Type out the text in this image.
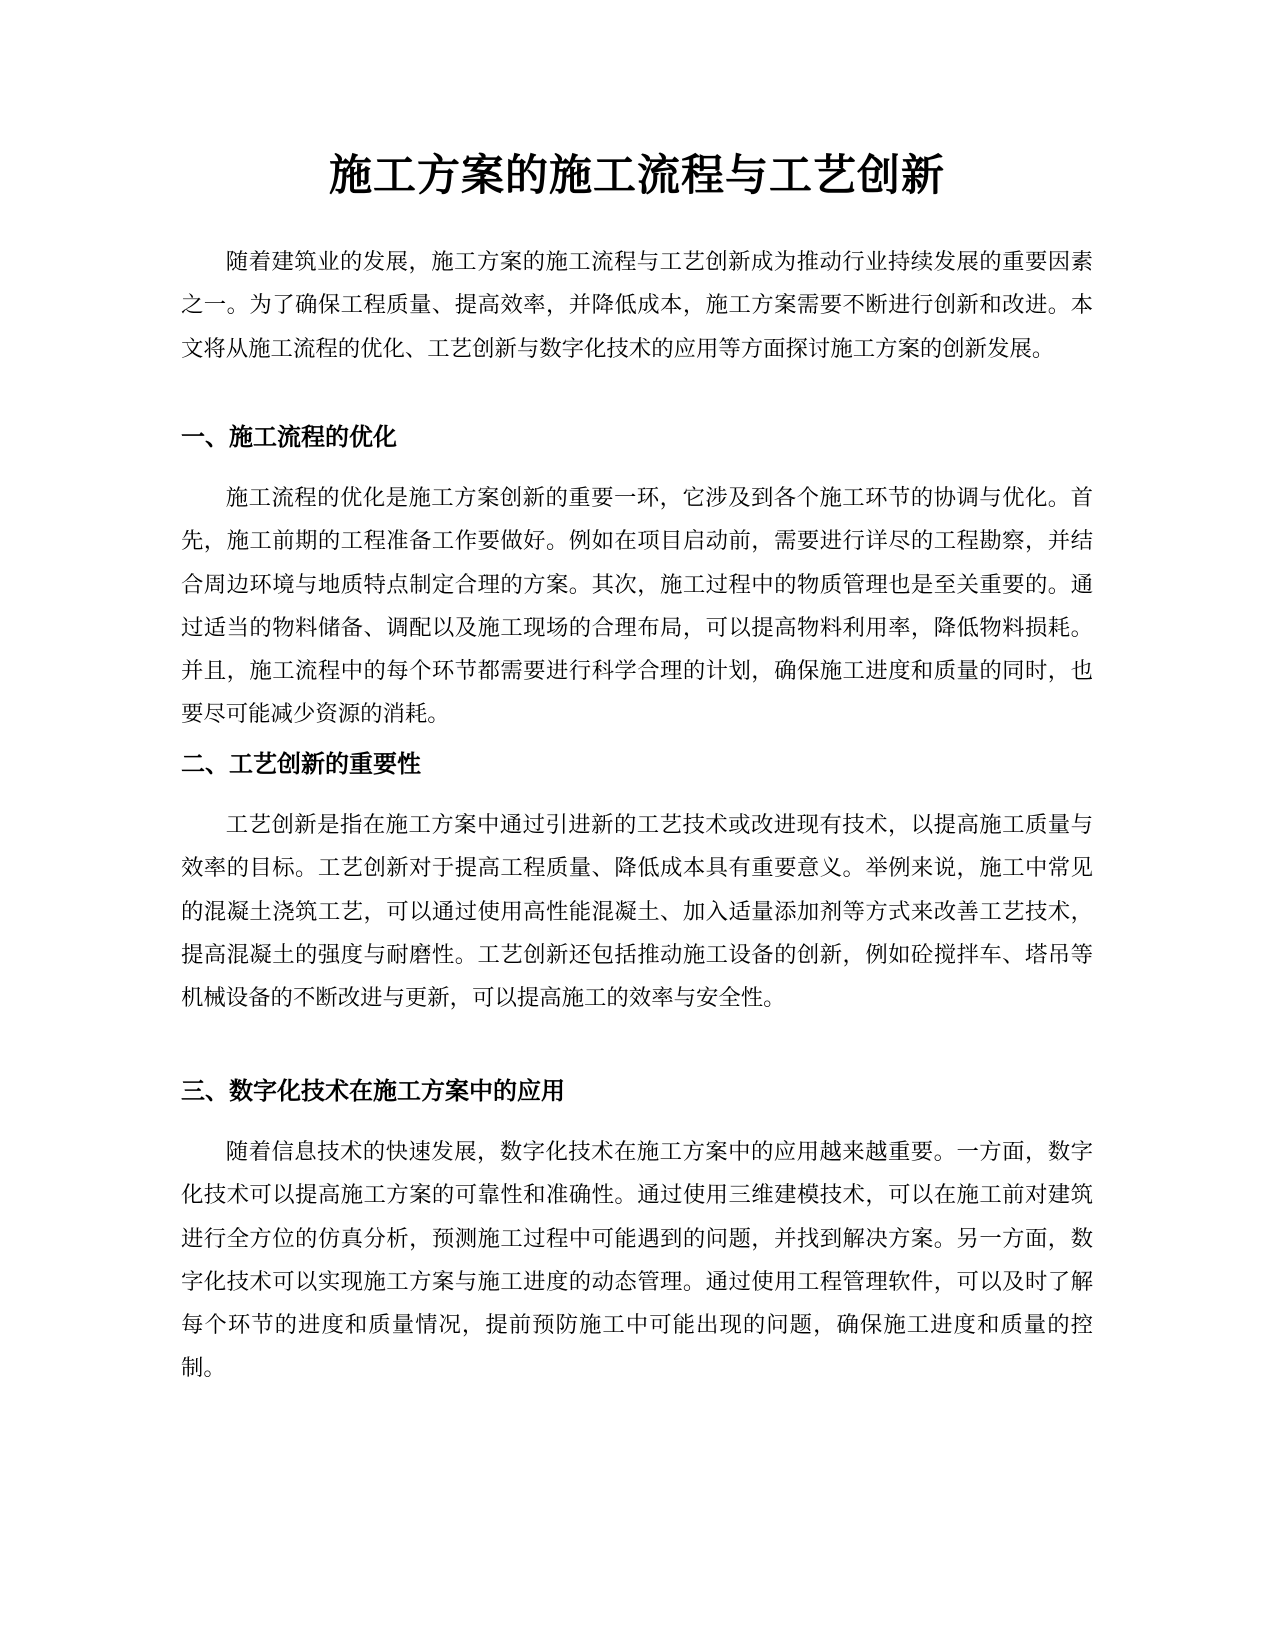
施工方案的施工流程与工艺创新

随着建筑业的发展，施工方案的施工流程与工艺创新成为推动行业持续发展的重要因素之一。为了确保工程质量、提高效率，并降低成本，施工方案需要不断进行创新和改进。本文将从施工流程的优化、工艺创新与数字化技术的应用等方面探讨施工方案的创新发展。

一、施工流程的优化

施工流程的优化是施工方案创新的重要一环，它涉及到各个施工环节的协调与优化。首先，施工前期的工程准备工作要做好。例如在项目启动前，需要进行详尽的工程勘察，并结合周边环境与地质特点制定合理的方案。其次，施工过程中的物质管理也是至关重要的。通过适当的物料储备、调配以及施工现场的合理布局，可以提高物料利用率，降低物料损耗。并且，施工流程中的每个环节都需要进行科学合理的计划，确保施工进度和质量的同时，也要尽可能减少资源的消耗。

二、工艺创新的重要性

工艺创新是指在施工方案中通过引进新的工艺技术或改进现有技术，以提高施工质量与效率的目标。工艺创新对于提高工程质量、降低成本具有重要意义。举例来说，施工中常见的混凝土浇筑工艺，可以通过使用高性能混凝土、加入适量添加剂等方式来改善工艺技术，提高混凝土的强度与耐磨性。工艺创新还包括推动施工设备的创新，例如砼搅拌车、塔吊等机械设备的不断改进与更新，可以提高施工的效率与安全性。

三、数字化技术在施工方案中的应用

随着信息技术的快速发展，数字化技术在施工方案中的应用越来越重要。一方面，数字化技术可以提高施工方案的可靠性和准确性。通过使用三维建模技术，可以在施工前对建筑进行全方位的仿真分析，预测施工过程中可能遇到的问题，并找到解决方案。另一方面，数字化技术可以实现施工方案与施工进度的动态管理。通过使用工程管理软件，可以及时了解每个环节的进度和质量情况，提前预防施工中可能出现的问题，确保施工进度和质量的控制。
